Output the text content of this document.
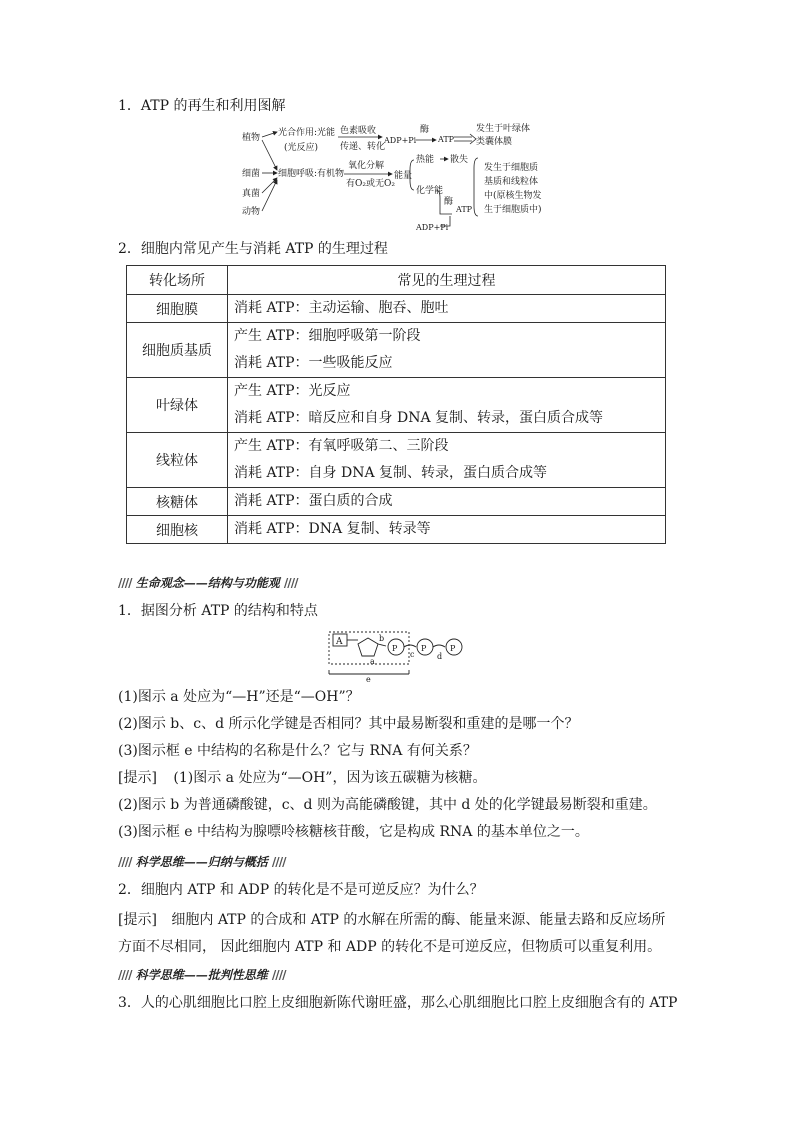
1．ATP 的再生和利用图解
植物 光合作用:光能
(光反应)
色素吸收
传递、转化
ADP+Pi
酶
ATP
发生于叶绿体
类囊体膜
细菌 细胞呼吸:有机物
氧化分解
有O₂或无O₂
能量
热能 散失
化学能
真菌
动物	ATP
酶
ADP+Pi
发生于细胞质
基质和线粒体
中(原核生物发
生于细胞质中)
2．细胞内常见产生与消耗 ATP 的生理过程
转化场所	常见的生理过程
细胞膜	消耗 ATP：主动运输、胞吞、胞吐

细胞质基质	产生 ATP：细胞呼吸第一阶段
消耗 ATP：一些吸能反应

叶绿体	产生 ATP：光反应
消耗 ATP：暗反应和自身 DNA 复制、转录，蛋白质合成等

线粒体	产生 ATP：有氧呼吸第二、三阶段
消耗 ATP：自身 DNA 复制、转录，蛋白质合成等

核糖体	消耗 ATP：蛋白质的合成

细胞核	消耗 ATP：DNA 复制、转录等
//// 生命观念——结构与功能观 ////
1．据图分析 ATP 的结构和特点
A	b
a
P
c
P
d
P
e
(1)图示 a 处应为“—H”还是“—OH”？
(2)图示 b、c、d 所示化学键是否相同？其中最易断裂和重建的是哪一个？
(3)图示框 e 中结构的名称是什么？它与 RNA 有何关系？
[提示] (1)图示 a 处应为“—OH”，因为该五碳糖为核糖。
(2)图示 b 为普通磷酸键，c、d 则为高能磷酸键，其中 d 处的化学键最易断裂和重建。
(3)图示框 e 中结构为腺嘌呤核糖核苷酸，它是构成 RNA 的基本单位之一。
//// 科学思维——归纳与概括 ////
2．细胞内 ATP 和 ADP 的转化是不是可逆反应？为什么？
[提示] 细胞内 ATP 的合成和 ATP 的水解在所需的酶、能量来源、能量去路和反应场所方面不尽相同， 因此细胞内 ATP 和 ADP 的转化不是可逆反应，但物质可以重复利用。
//// 科学思维——批判性思维 ////
3．人的心肌细胞比口腔上皮细胞新陈代谢旺盛，那么心肌细胞比口腔上皮细胞含有的 ATP
